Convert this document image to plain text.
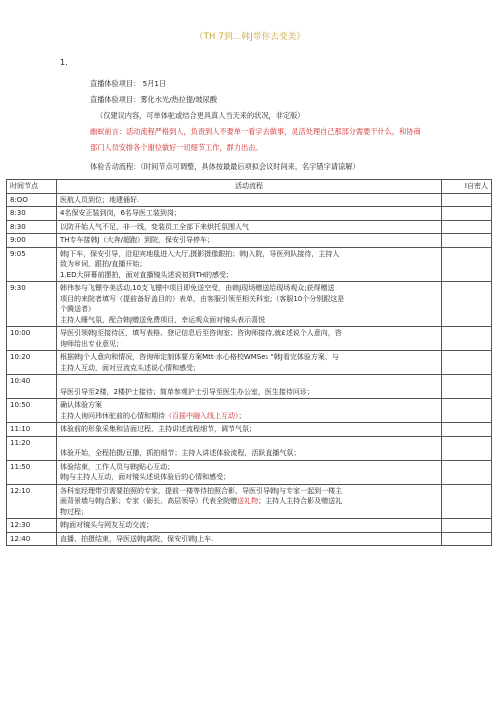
（TH 7到...韩J带你去变美》
1.
直播体验项目： 5月1日
直播体验项目：雾化水光/热拉提/玻尿酸
（仅建议内容，可单体驼或结合更具真人当天来的状况，非定版）
幽蚁前言：活动流程严格到人，负责到人不要单一看字去做事，灵活处理自己那部分需要干什么，和协商
部门人员安排各个谢位做好一切细节工作，群力出击。
体验舌动流程：（时间节点可调整，具体按最最后项拟会议时间来，名字错字请谅解）
时间节点	活动流程	I自密人
8:OO	医航人员到位；地建俑好.	

8:30	4名保安正装到岗，6名导医工装到岗；	

8:30	以防开始人气不足，非一线，变装员工全部下来烘托氛围人气	

9:00	TH专车接韩J（大奔/超跑）到院，保安引导停车；	

9:05	韩J下车，保安引导，沿迎宾地毯进入大厅,摄影摄像跟拍；韩J入院，导医列队接待，主持人
致为®词，跟拍/直播开始；
1.ED大屏幕前摆拍，面对直播镜头述说初到TH的感受；	

9:30	韩伟参与飞镖夺美活动,10支飞镖中项目即免送空受，由韩J现场赠送给现场观众;获得赠送
项目的来院者填写（提前备好盖目的）表单，由客服引领至相关科室;（客服10个分别跟这是
个腾送者）
主持人睡气氛，配合韩J赠送免费项目，幸运观众面对镜头表示喜悦	

10:00	导医引领韩J至接待区，填写表格、登记信息后至咨询室；咨询师接待,就£述说个人意向，咨
询师给出专业意见；	

10:20	根据韩J个人意向和情况，咨询师定制体要方案Mtt·水心格校WMSe₁ "韩J看完体验方案，与
主持人互动，面对豆流克头述说心情和感受；	

10:40	导医引导至2楼，2楼护士接待；简单参观沪士引导至医生办公室，医生接待问诊；	

10:50	确认体验方案
主持人询问玮休驼前的心情和期待（百摇中融入线上互动）；	

11:10	体验前的形象采集和洁面过程，主持讲述流程细节，调节气氛；	

11:20	体验开始，全程拍摄/亘播，抓拍细节；主持人讲述体验流程，活跃直播气氛；	

11:50	体验结束，工作人员与韩J贴心互动；
韩J与主持人互动，面对镜头述说体验后的心情和感受；	

12:10	各科室经理带引需要拍照的专家，提前一楼等待拍照合影，导医引导韩J与专家一起到一楼主
画背景墙与韩J合影；专家（砺长、高层领导）代表全院赠送礼物；主持人主持合影及赠送礼
物过程；	

12:30	韩J面对镜头与网友互动交流；	

12:40	直播、拍摄结束，导医送韩J离院，保安引韩J上车.	
